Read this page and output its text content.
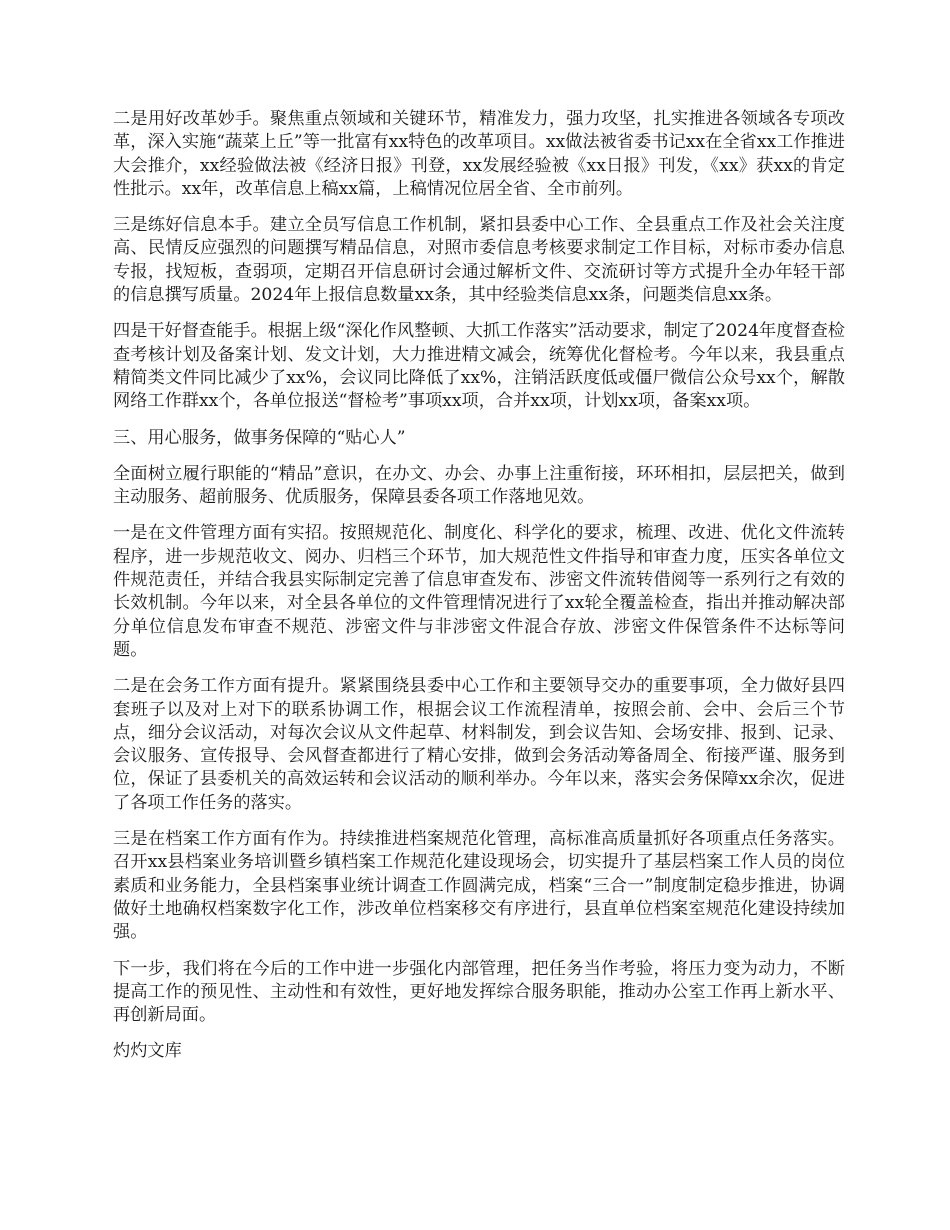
二是用好改革妙手。聚焦重点领域和关键环节，精准发力，强力攻坚，扎实推进各领域各专项改革，深入实施“蔬菜上丘”等一批富有xx特色的改革项目。xx做法被省委书记xx在全省xx工作推进大会推介，xx经验做法被《经济日报》刊登，xx发展经验被《xx日报》刊发，《xx》获xx的肯定性批示。xx年，改革信息上稿xx篇，上稿情况位居全省、全市前列。

三是练好信息本手。建立全员写信息工作机制，紧扣县委中心工作、全县重点工作及社会关注度高、民情反应强烈的问题撰写精品信息，对照市委信息考核要求制定工作目标，对标市委办信息专报，找短板，查弱项，定期召开信息研讨会通过解析文件、交流研讨等方式提升全办年轻干部的信息撰写质量。2024年上报信息数量xx条，其中经验类信息xx条，问题类信息xx条。

四是干好督查能手。根据上级“深化作风整顿、大抓工作落实”活动要求，制定了2024年度督查检查考核计划及备案计划、发文计划，大力推进精文减会，统筹优化督检考。今年以来，我县重点精简类文件同比减少了xx%，会议同比降低了xx%，注销活跃度低或僵尸微信公众号xx个，解散网络工作群xx个，各单位报送“督检考”事项xx项，合并xx项，计划xx项，备案xx项。

三、用心服务，做事务保障的“贴心人”

全面树立履行职能的“精品”意识，在办文、办会、办事上注重衔接，环环相扣，层层把关，做到主动服务、超前服务、优质服务，保障县委各项工作落地见效。

一是在文件管理方面有实招。按照规范化、制度化、科学化的要求，梳理、改进、优化文件流转程序，进一步规范收文、阅办、归档三个环节，加大规范性文件指导和审查力度，压实各单位文件规范责任，并结合我县实际制定完善了信息审查发布、涉密文件流转借阅等一系列行之有效的长效机制。今年以来，对全县各单位的文件管理情况进行了xx轮全覆盖检查，指出并推动解决部分单位信息发布审查不规范、涉密文件与非涉密文件混合存放、涉密文件保管条件不达标等问题。

二是在会务工作方面有提升。紧紧围绕县委中心工作和主要领导交办的重要事项，全力做好县四套班子以及对上对下的联系协调工作，根据会议工作流程清单，按照会前、会中、会后三个节点，细分会议活动，对每次会议从文件起草、材料制发，到会议告知、会场安排、报到、记录、会议服务、宣传报导、会风督查都进行了精心安排，做到会务活动筹备周全、衔接严谨、服务到位，保证了县委机关的高效运转和会议活动的顺利举办。今年以来，落实会务保障xx余次，促进了各项工作任务的落实。

三是在档案工作方面有作为。持续推进档案规范化管理，高标准高质量抓好各项重点任务落实。召开xx县档案业务培训暨乡镇档案工作规范化建设现场会，切实提升了基层档案工作人员的岗位素质和业务能力，全县档案事业统计调查工作圆满完成，档案“三合一”制度制定稳步推进，协调做好土地确权档案数字化工作，涉改单位档案移交有序进行，县直单位档案室规范化建设持续加强。

下一步，我们将在今后的工作中进一步强化内部管理，把任务当作考验，将压力变为动力，不断提高工作的预见性、主动性和有效性，更好地发挥综合服务职能，推动办公室工作再上新水平、再创新局面。

灼灼文库
